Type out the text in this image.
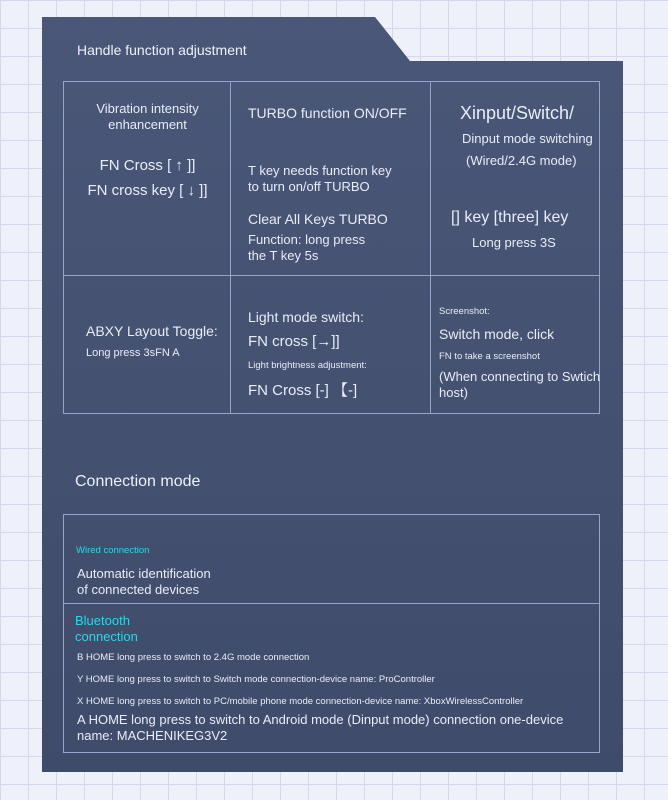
Handle function adjustment
Vibration intensity
enhancement
FN Cross [ ↑ ]]
FN cross key [ ↓ ]]
TURBO function ON/OFF
T key needs function key
to turn on/off TURBO
Clear All Keys TURBO
Function: long press
the T key 5s
Xinput/Switch/
Dinput mode switching
(Wired/2.4G mode)
[] key [three] key
Long press 3S
ABXY Layout Toggle:
Long press 3sFN A
Light mode switch:
FN cross [→]]
Light brightness adjustment:
FN Cross [-] 【-]
Screenshot:
Switch mode, click
FN to take a screenshot
(When connecting to Swtich
host)
Connection mode
Wired connection
Automatic identification
of connected devices
Bluetooth
connection
B HOME long press to switch to 2.4G mode connection
Y HOME long press to switch to Switch mode connection-device name: ProController
X HOME long press to switch to PC/mobile phone mode connection-device name: XboxWirelessController
A HOME long press to switch to Android mode (Dinput mode) connection one-device
name: MACHENIKEG3V2
